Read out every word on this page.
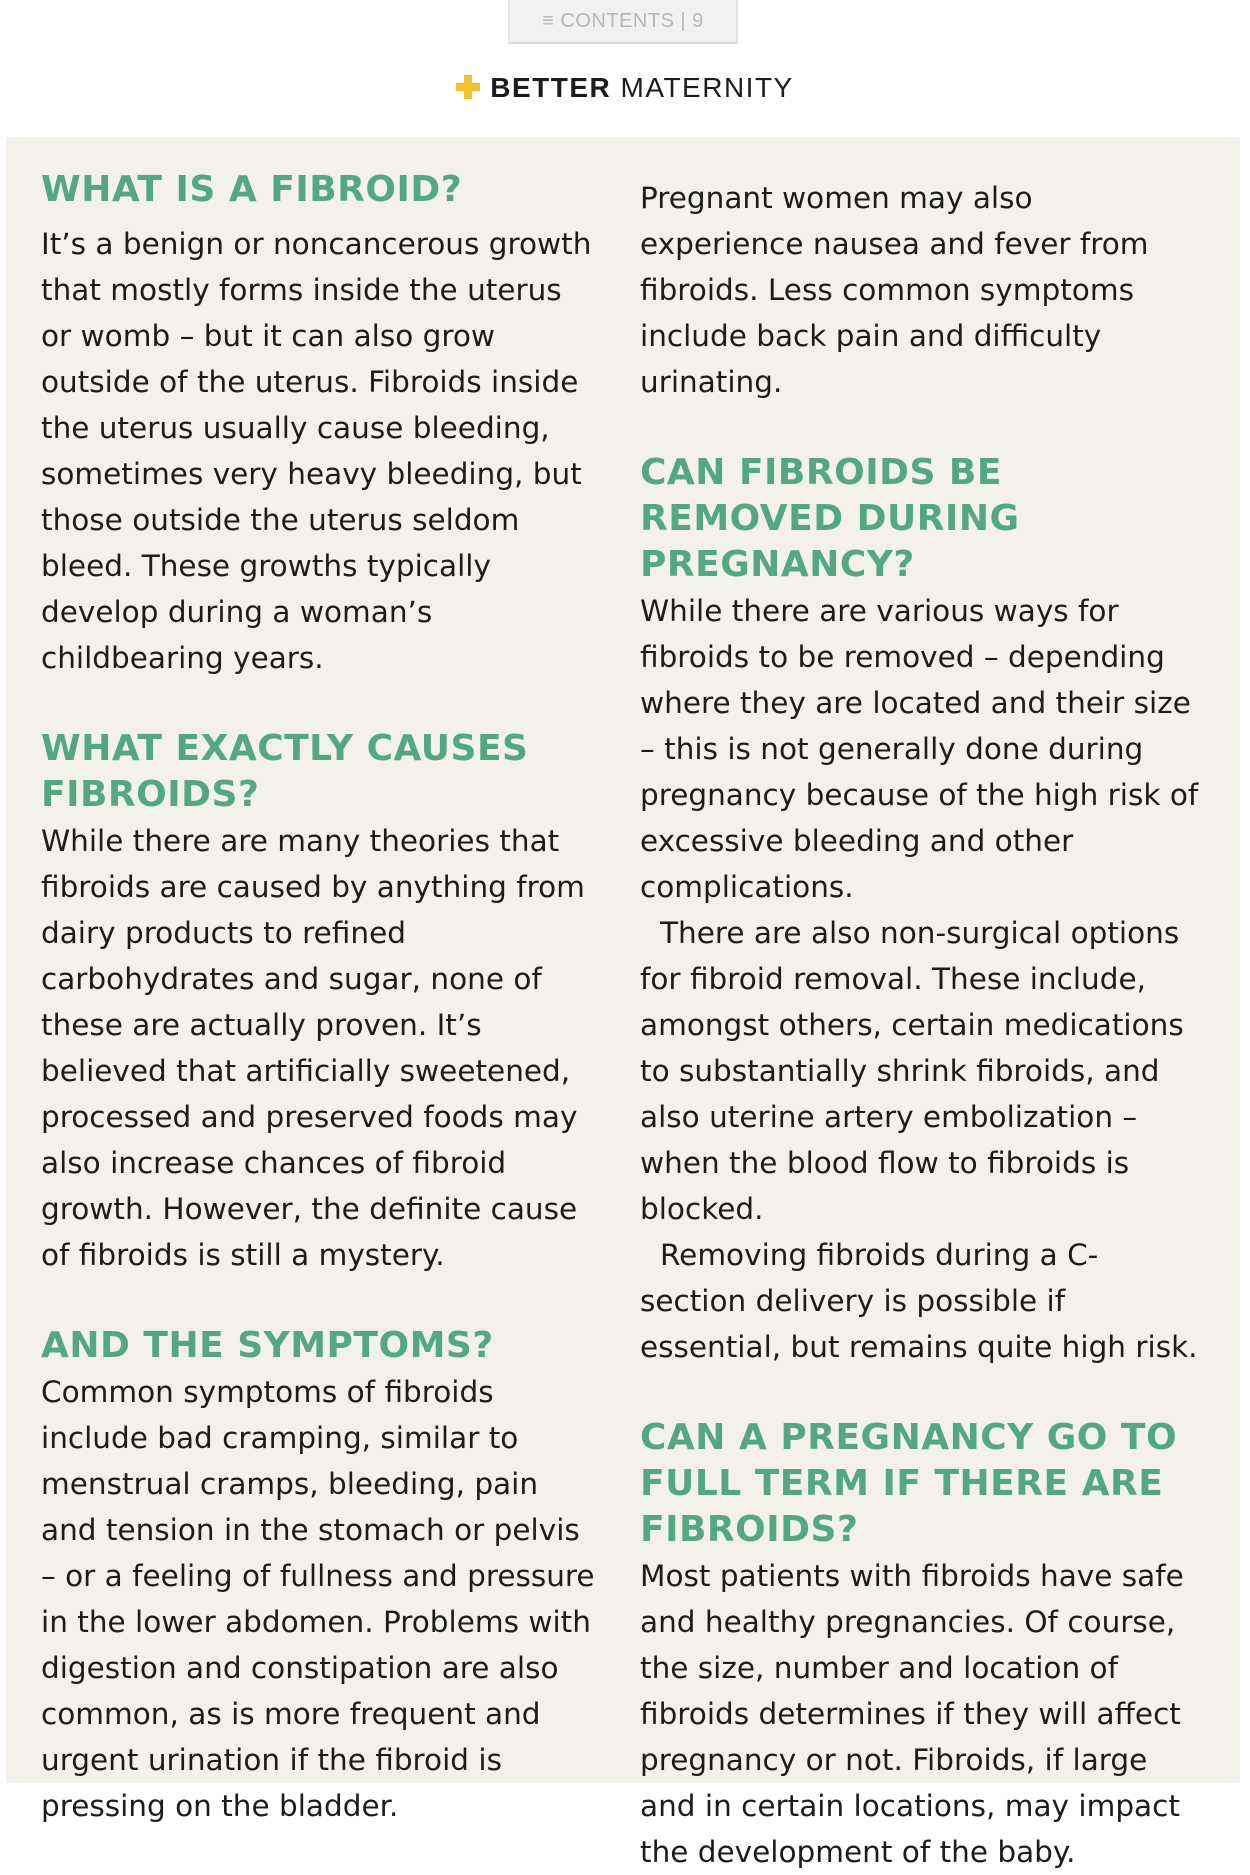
≡ CONTENTS | 9
BETTER MATERNITY
WHAT IS A FIBROID?

It’s a benign or noncancerous growth that mostly forms inside the uterus or womb – but it can also grow outside of the uterus. Fibroids inside the uterus usually cause bleeding, sometimes very heavy bleeding, but those outside the uterus seldom bleed. These growths typically develop during a woman’s childbearing years.

WHAT EXACTLY CAUSES FIBROIDS?

While there are many theories that fibroids are caused by anything from dairy products to refined carbohydrates and sugar, none of these are actually proven. It’s believed that artificially sweetened, processed and preserved foods may also increase chances of fibroid growth. However, the definite cause of fibroids is still a mystery.

AND THE SYMPTOMS?

Common symptoms of fibroids include bad cramping, similar to menstrual cramps, bleeding, pain and tension in the stomach or pelvis – or a feeling of fullness and pressure in the lower abdomen. Problems with digestion and constipation are also common, as is more frequent and urgent urination if the fibroid is pressing on the bladder.

Pregnant women may also experience nausea and fever from fibroids. Less common symptoms include back pain and difficulty urinating.

CAN FIBROIDS BE REMOVED DURING PREGNANCY?

While there are various ways for fibroids to be removed – depending where they are located and their size – this is not generally done during pregnancy because of the high risk of excessive bleeding and other complications.

There are also non-surgical options for fibroid removal. These include, amongst others, certain medications to substantially shrink fibroids, and also uterine artery embolization – when the blood flow to fibroids is blocked.

Removing fibroids during a C-section delivery is possible if essential, but remains quite high risk.

CAN A PREGNANCY GO TO FULL TERM IF THERE ARE FIBROIDS?

Most patients with fibroids have safe and healthy pregnancies. Of course, the size, number and location of fibroids determines if they will affect pregnancy or not. Fibroids, if large and in certain locations, may impact the development of the baby.
